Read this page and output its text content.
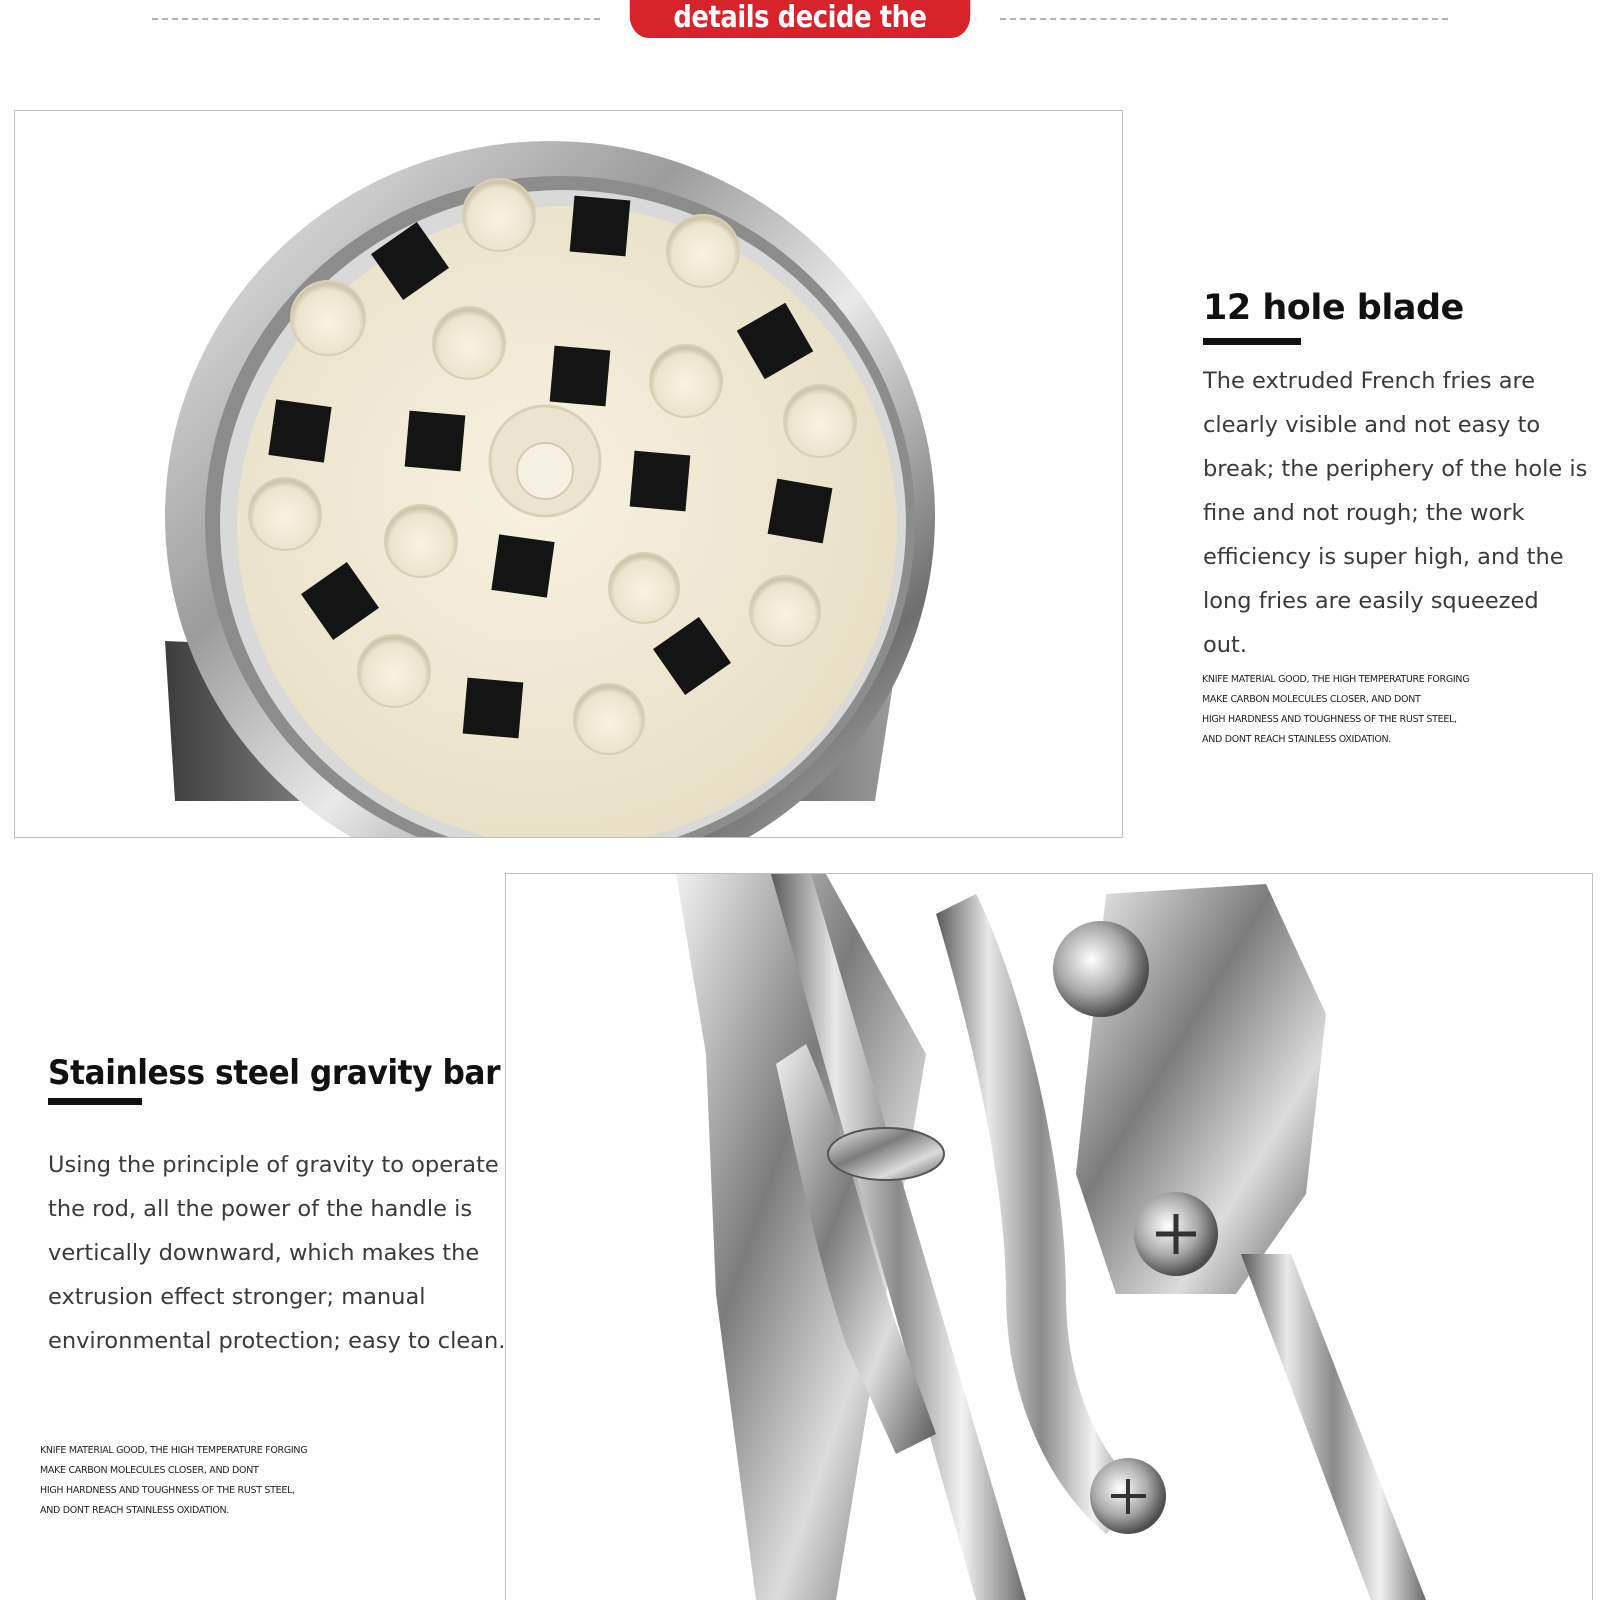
details decide the quality
12 hole blade

The extruded French fries are clearly visible and not easy to break; the periphery of the hole is fine and not rough; the work efficiency is super high, and the long fries are easily squeezed out.

KNIFE MATERIAL GOOD, THE HIGH TEMPERATURE FORGING
MAKE CARBON MOLECULES CLOSER, AND DONT
HIGH HARDNESS AND TOUGHNESS OF THE RUST STEEL,
AND DONT REACH STAINLESS OXIDATION.
Stainless steel gravity bar

Using the principle of gravity to operate the rod, all the power of the handle is vertically downward, which makes the extrusion effect stronger; manual environmental protection; easy to clean.

KNIFE MATERIAL GOOD, THE HIGH TEMPERATURE FORGING
MAKE CARBON MOLECULES CLOSER, AND DONT
HIGH HARDNESS AND TOUGHNESS OF THE RUST STEEL,
AND DONT REACH STAINLESS OXIDATION.
